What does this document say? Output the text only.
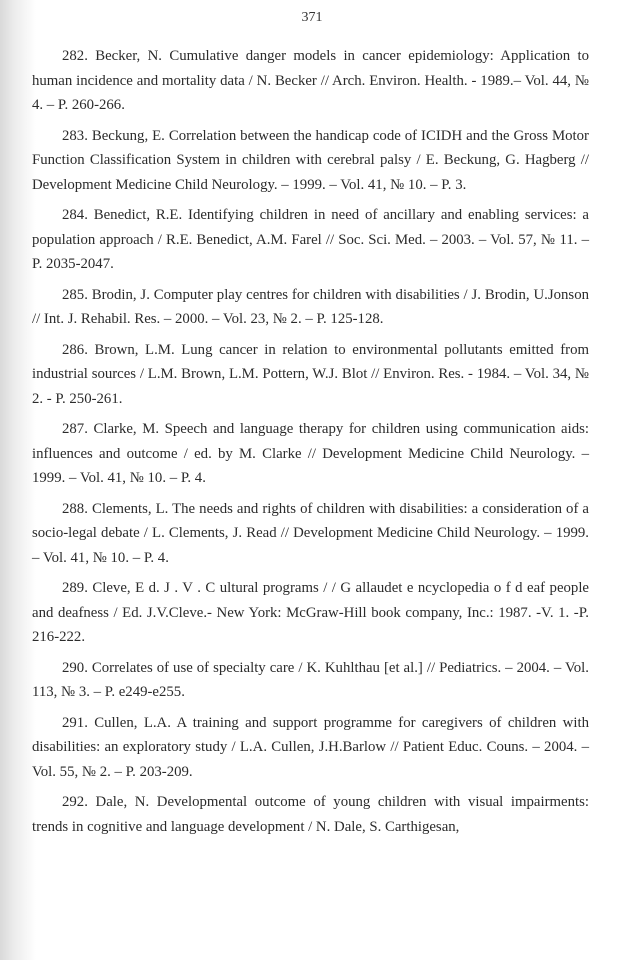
371

282. Becker, N. Cumulative danger models in cancer epidemiology: Application to human incidence and mortality data / N. Becker // Arch. Environ. Health. - 1989.– Vol. 44, № 4. – P. 260-266.

283. Beckung, E. Correlation between the handicap code of ICIDH and the Gross Motor Function Classification System in children with cerebral palsy / E. Beckung, G. Hagberg // Development Medicine Child Neurology. – 1999. – Vol. 41, № 10. – P. 3.

284. Benedict, R.E. Identifying children in need of ancillary and enabling services: a population approach / R.E. Benedict, A.M. Farel // Soc. Sci. Med. – 2003. – Vol. 57, № 11. – P. 2035-2047.

285. Brodin, J. Computer play centres for children with disabilities / J. Brodin, U.Jonson // Int. J. Rehabil. Res. – 2000. – Vol. 23, № 2. – P. 125-128.

286. Brown, L.M. Lung cancer in relation to environmental pollutants emitted from industrial sources / L.M. Brown, L.M. Pottern, W.J. Blot // Environ. Res. - 1984. – Vol. 34, № 2. - P. 250-261.

287. Clarke, M. Speech and language therapy for children using communication aids: influences and outcome / ed. by M. Clarke // Development Medicine Child Neurology. – 1999. – Vol. 41, № 10. – P. 4.

288. Clements, L. The needs and rights of children with disabilities: a consideration of a socio-legal debate / L. Clements, J. Read // Development Medicine Child Neurology. – 1999. – Vol. 41, № 10. – P. 4.

289. Cleve, E d. J . V . C ultural programs / / G allaudet e ncyclopedia o f d eaf people and deafness / Ed. J.V.Cleve.- New York: McGraw-Hill book company, Inc.: 1987. -V. 1. -P. 216-222.

290. Correlates of use of specialty care / K. Kuhlthau [et al.] // Pediatrics. – 2004. – Vol. 113, № 3. – P. e249-e255.

291. Cullen, L.A. A training and support programme for caregivers of children with disabilities: an exploratory study / L.A. Cullen, J.H.Barlow // Patient Educ. Couns. – 2004. – Vol. 55, № 2. – P. 203-209.

292. Dale, N. Developmental outcome of young children with visual impairments: trends in cognitive and language development / N. Dale, S. Carthigesan,
